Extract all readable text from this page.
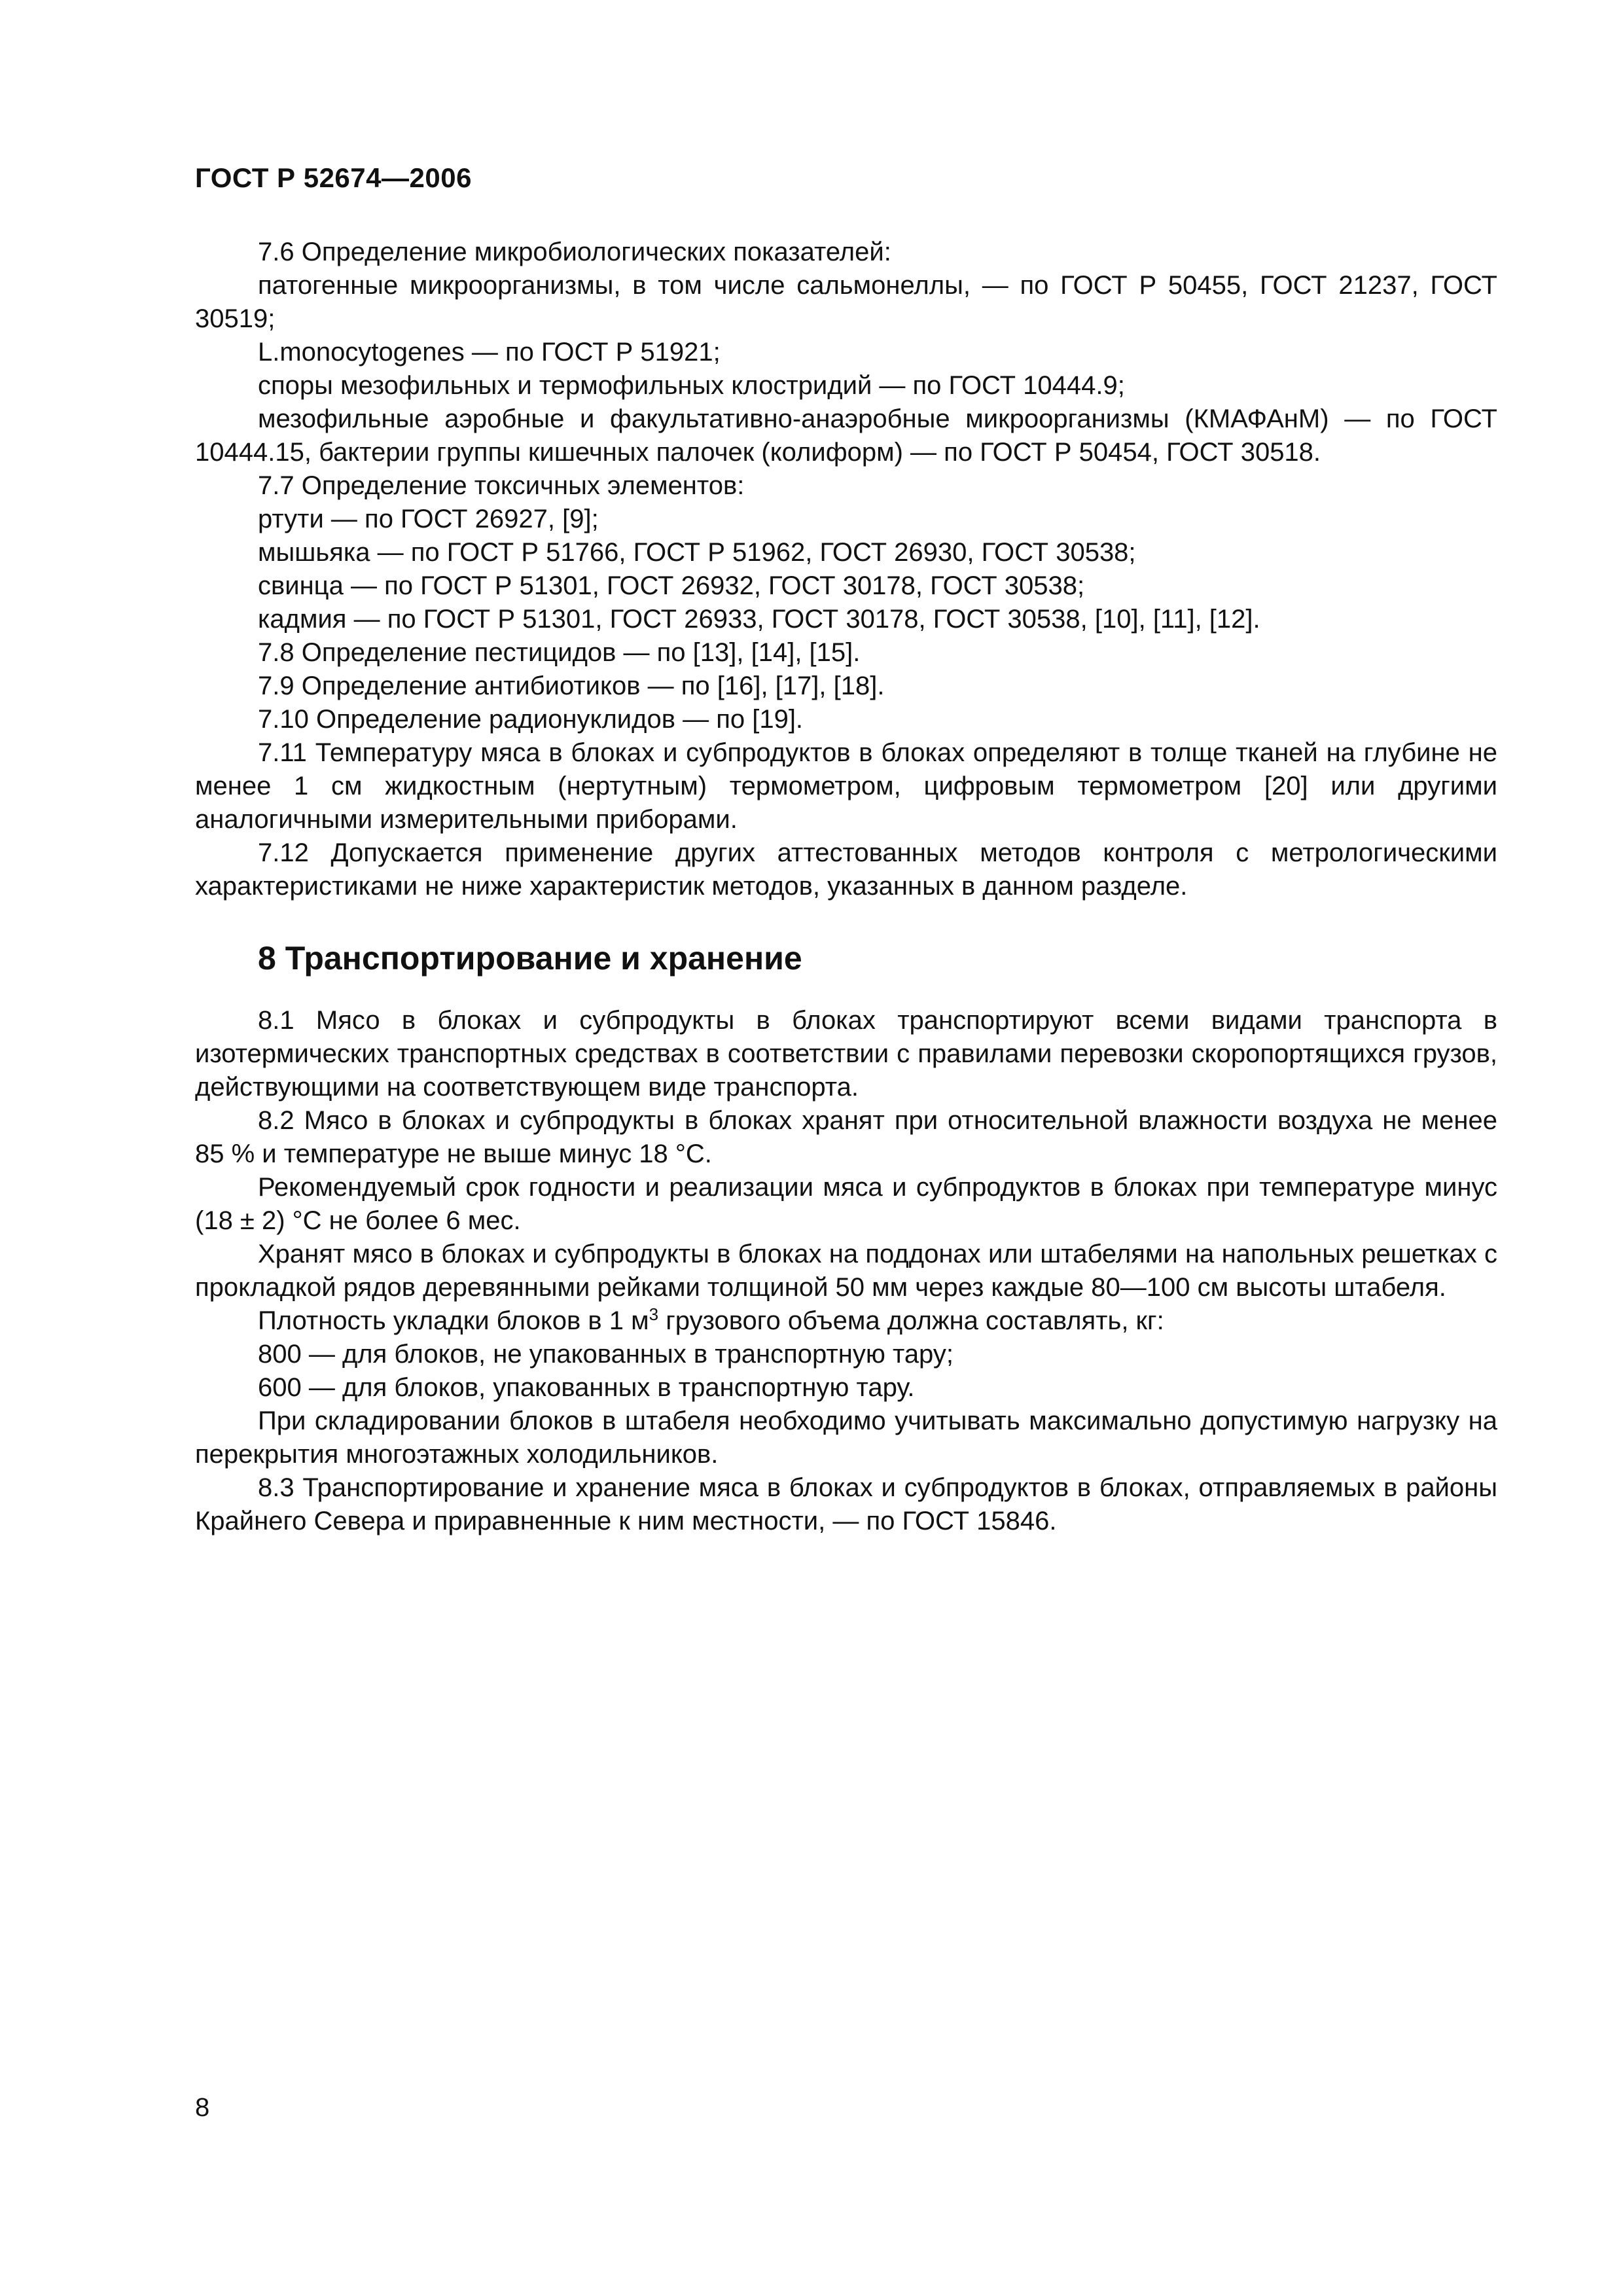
ГОСТ Р 52674—2006

7.6 Определение микробиологических показателей:

патогенные микроорганизмы, в том числе сальмонеллы, — по ГОСТ Р 50455, ГОСТ 21237, ГОСТ 30519;

L.monocytogenes — по ГОСТ Р 51921;

споры мезофильных и термофильных клостридий — по ГОСТ 10444.9;

мезофильные аэробные и факультативно-анаэробные микроорганизмы (КМАФАнМ) — по ГОСТ 10444.15, бактерии группы кишечных палочек (колиформ) — по ГОСТ Р 50454, ГОСТ 30518.

7.7 Определение токсичных элементов:

ртути — по ГОСТ 26927, [9];

мышьяка — по ГОСТ Р 51766, ГОСТ Р 51962, ГОСТ 26930, ГОСТ 30538;

свинца — по ГОСТ Р 51301, ГОСТ 26932, ГОСТ 30178, ГОСТ 30538;

кадмия — по ГОСТ Р 51301, ГОСТ 26933, ГОСТ 30178, ГОСТ 30538, [10], [11], [12].

7.8 Определение пестицидов — по [13], [14], [15].

7.9 Определение антибиотиков — по [16], [17], [18].

7.10 Определение радионуклидов — по [19].

7.11 Температуру мяса в блоках и субпродуктов в блоках определяют в толще тканей на глубине не менее 1 см жидкостным (нертутным) термометром, цифровым термометром [20] или другими аналогичными измерительными приборами.

7.12 Допускается применение других аттестованных методов контроля с метрологическими характеристиками не ниже характеристик методов, указанных в данном разделе.

8 Транспортирование и хранение

8.1 Мясо в блоках и субпродукты в блоках транспортируют всеми видами транспорта в изотермических транспортных средствах в соответствии с правилами перевозки скоропортящихся грузов, действующими на соответствующем виде транспорта.

8.2 Мясо в блоках и субпродукты в блоках хранят при относительной влажности воздуха не менее 85 % и температуре не выше минус 18 °С.

Рекомендуемый срок годности и реализации мяса и субпродуктов в блоках при температуре минус (18 ± 2) °С не более 6 мес.

Хранят мясо в блоках и субпродукты в блоках на поддонах или штабелями на напольных решетках с прокладкой рядов деревянными рейками толщиной 50 мм через каждые 80—100 см высоты штабеля.

Плотность укладки блоков в 1 $м^3$ грузового объема должна составлять, кг:

800 — для блоков, не упакованных в транспортную тару;

600 — для блоков, упакованных в транспортную тару.

При складировании блоков в штабеля необходимо учитывать максимально допустимую нагрузку на перекрытия многоэтажных холодильников.

8.3 Транспортирование и хранение мяса в блоках и субпродуктов в блоках, отправляемых в районы Крайнего Севера и приравненные к ним местности, — по ГОСТ 15846.

8
